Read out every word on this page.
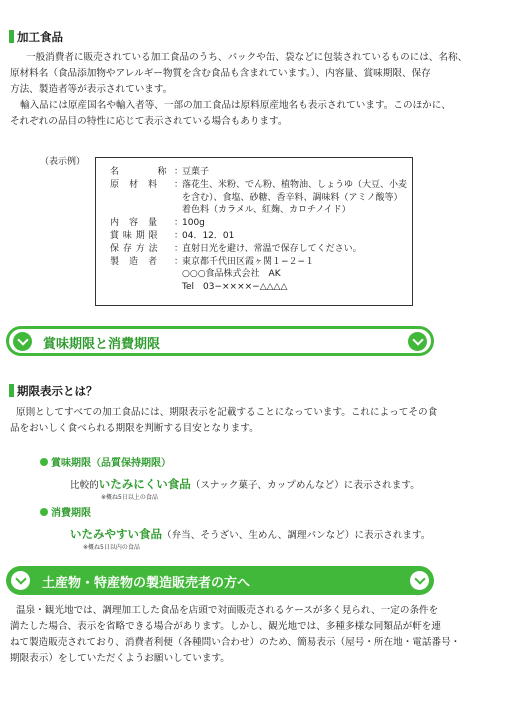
加工食品

一般消費者に販売されている加工食品のうち、パックや缶、袋などに包装されているものには、名称、

原材料名（食品添加物やアレルギー物質を含む食品も含まれています。）、内容量、賞味期限、保存

方法、製造者等が表示されています。

輸入品には原産国名や輸入者等、一部の加工食品は原料原産地名も表示されています。このほかに、

それぞれの品目の特性に応じて表示されている場合もあります。

（表示例）
名　　　　称 ：
豆菓子
原　材　料	：
落花生、米粉、でん粉、植物油、しょうゆ（大豆、小麦
を含む）、食塩、砂糖、香辛料、調味料（アミノ酸等）
着色料（カラメル、紅麹、カロチノイド）
内　容　量	：
100g
賞 味 期 限	：
04．12．01
保 存 方 法	：
直射日光を避け、常温で保存してください。
製　造　者	：
東京都千代田区霞ヶ関１−２−１
○○○食品株式会社　AK
Tel　03−××××−△△△△
賞味期限と消費期限
期限表示とは？

原則としてすべての加工食品には、期限表示を記載することになっています。これによってその食

品をおいしく食べられる期限を判断する目安となります。

賞味期限（品質保持期限）
比較的いたみにくい食品（スナック菓子、カップめんなど）に表示されます。
※概ね5日以上の食品
消費期限
いたみやすい食品（弁当、そうざい、生めん、調理パンなど）に表示されます。
※概ね5日以内の食品
土産物・特産物の製造販売者の方へ

温泉・観光地では、調理加工した食品を店頭で対面販売されるケースが多く見られ、一定の条件を

満たした場合、表示を省略できる場合があります。しかし、観光地では、多種多様な同類品が軒を連

ねて製造販売されており、消費者利便（各種問い合わせ）のため、簡易表示（屋号・所在地・電話番号・

期限表示）をしていただくようお願いしています。
